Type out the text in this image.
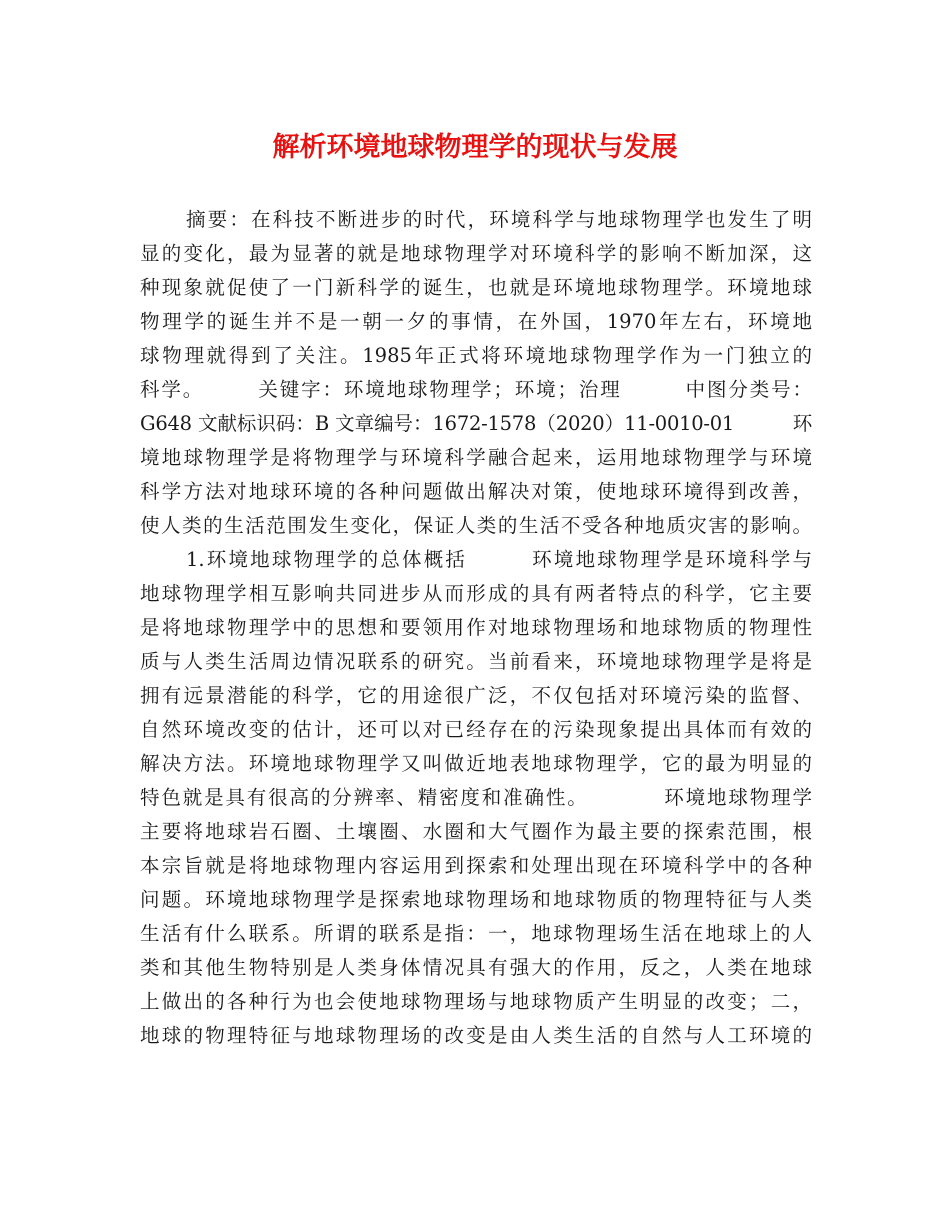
解析环境地球物理学的现状与发展

摘要：在科技不断进步的时代，环境科学与地球物理学也发生了明

显的变化，最为显著的就是地球物理学对环境科学的影响不断加深，这

种现象就促使了一门新科学的诞生，也就是环境地球物理学。环境地球

物理学的诞生并不是一朝一夕的事情，在外国，1970年左右，环境地

球物理就得到了关注。1985年正式将环境地球物理学作为一门独立的

科学。　　　关键字：环境地球物理学；环境；治理　　　中图分类号：

G648 文献标识码：B 文章编号：1672-1578（2020）11-0010-01　　　环

境地球物理学是将物理学与环境科学融合起来，运用地球物理学与环境

科学方法对地球环境的各种问题做出解决对策，使地球环境得到改善，

使人类的生活范围发生变化，保证人类的生活不受各种地质灾害的影响。

1.环境地球物理学的总体概括　　　环境地球物理学是环境科学与

地球物理学相互影响共同进步从而形成的具有两者特点的科学，它主要

是将地球物理学中的思想和要领用作对地球物理场和地球物质的物理性

质与人类生活周边情况联系的研究。当前看来，环境地球物理学是将是

拥有远景潜能的科学，它的用途很广泛，不仅包括对环境污染的监督、

自然环境改变的估计，还可以对已经存在的污染现象提出具体而有效的

解决方法。环境地球物理学又叫做近地表地球物理学，它的最为明显的

特色就是具有很高的分辨率、精密度和准确性。　　　　环境地球物理学

主要将地球岩石圈、土壤圈、水圈和大气圈作为最主要的探索范围，根

本宗旨就是将地球物理内容运用到探索和处理出现在环境科学中的各种

问题。环境地球物理学是探索地球物理场和地球物质的物理特征与人类

生活有什么联系。所谓的联系是指：一，地球物理场生活在地球上的人

类和其他生物特别是人类身体情况具有强大的作用，反之，人类在地球

上做出的各种行为也会使地球物理场与地球物质产生明显的改变；二，

地球的物理特征与地球物理场的改变是由人类生活的自然与人工环境的
